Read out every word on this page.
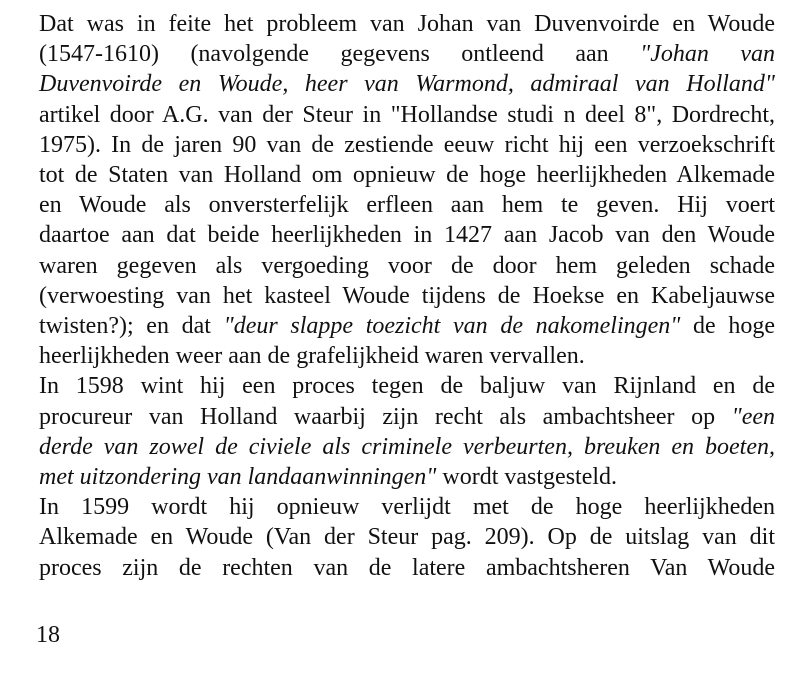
Dat was in feite het probleem van Johan van Duvenvoirde en Woude
(1547-1610) (navolgende gegevens ontleend aan "Johan van
Duvenvoirde en Woude, heer van Warmond, admiraal van Holland"
artikel door A.G. van der Steur in "Hollandse studi n deel 8", Dordrecht,
1975). In de jaren 90 van de zestiende eeuw richt hij een verzoekschrift
tot de Staten van Holland om opnieuw de hoge heerlijkheden Alkemade
en Woude als onversterfelijk erfleen aan hem te geven. Hij voert
daartoe aan dat beide heerlijkheden in 1427 aan Jacob van den Woude
waren gegeven als vergoeding voor de door hem geleden schade
(verwoesting van het kasteel Woude tijdens de Hoekse en Kabeljauwse
twisten?); en dat "deur slappe toezicht van de nakomelingen" de hoge
heerlijkheden weer aan de grafelijkheid waren vervallen.
In 1598 wint hij een proces tegen de baljuw van Rijnland en de
procureur van Holland waarbij zijn recht als ambachtsheer op "een
derde van zowel de civiele als criminele verbeurten, breuken en boeten,
met uitzondering van landaanwinningen" wordt vastgesteld.
In 1599 wordt hij opnieuw verlijdt met de hoge heerlijkheden
Alkemade en Woude (Van der Steur pag. 209). Op de uitslag van dit
proces zijn de rechten van de latere ambachtsheren Van Woude
18
